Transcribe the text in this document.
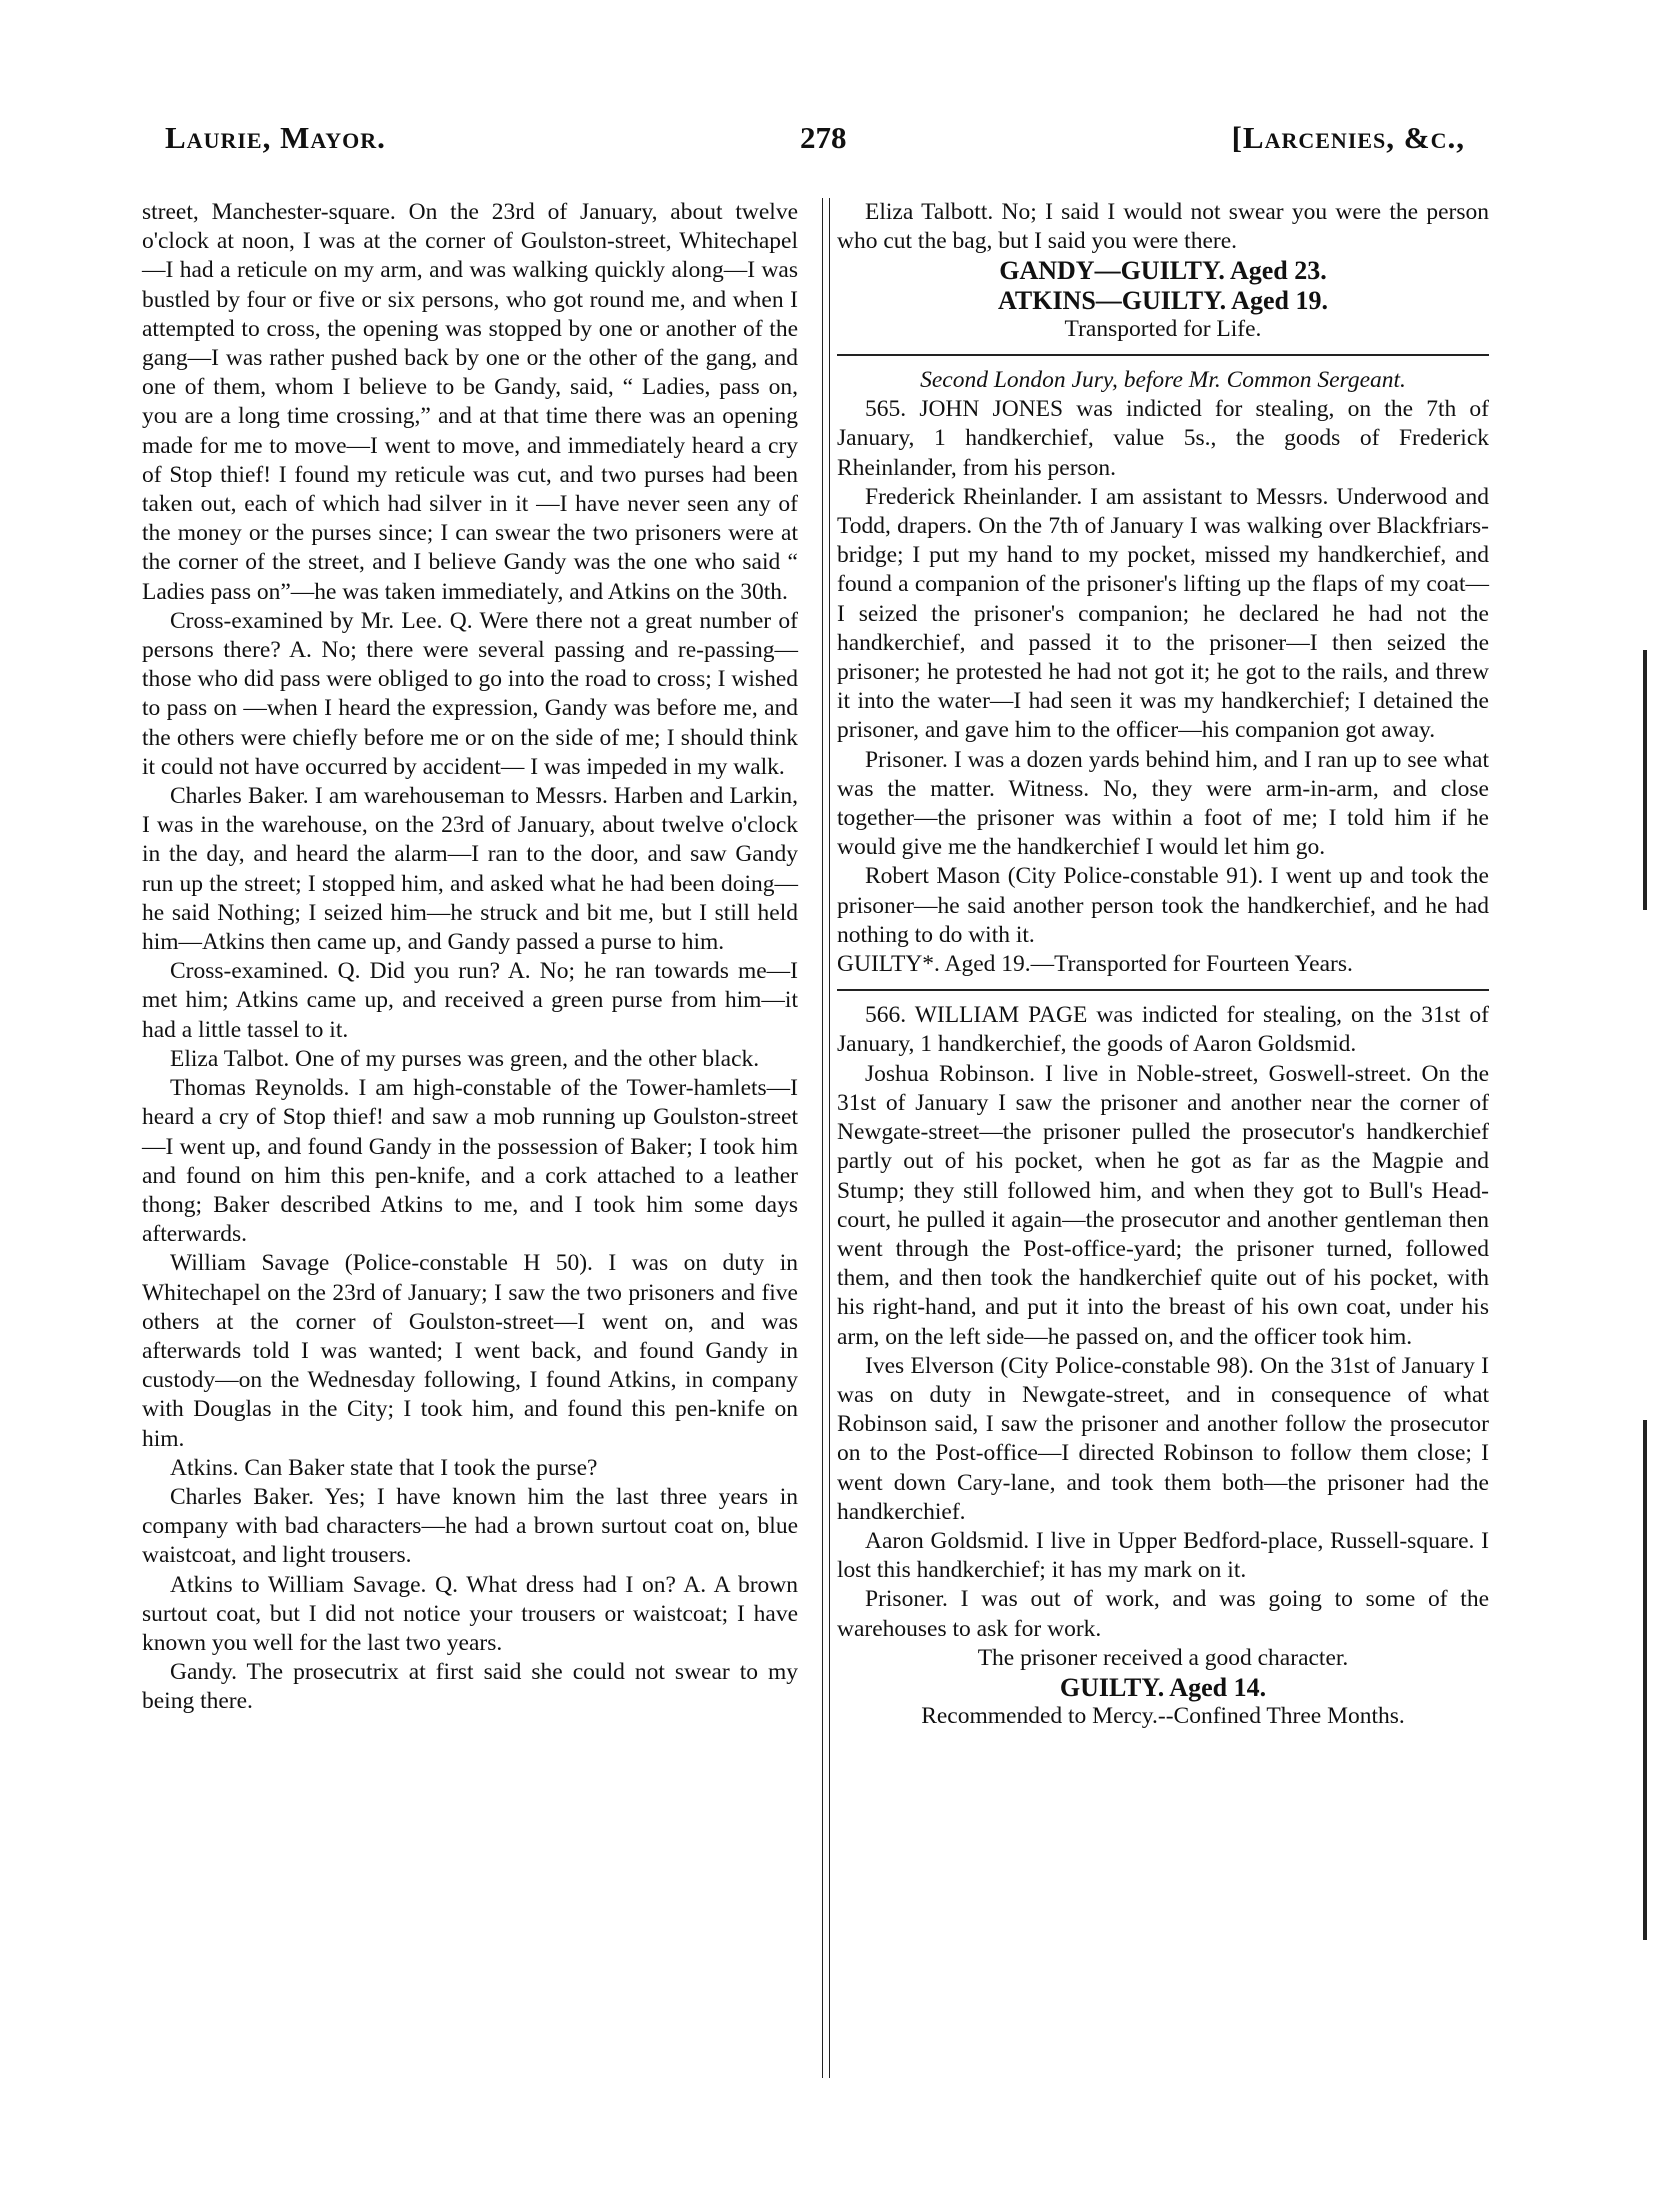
Laurie, Mayor.	278	[Larcenies, &c.,

street, Manchester-square. On the 23rd of January, about twelve o'clock at noon, I was at the corner of Goulston-street, Whitechapel—I had a reticule on my arm, and was walking quickly along—I was bustled by four or five or six persons, who got round me, and when I attempted to cross, the opening was stopped by one or another of the gang—I was rather pushed back by one or the other of the gang, and one of them, whom I believe to be Gandy, said, “ Ladies, pass on, you are a long time crossing,” and at that time there was an opening made for me to move—I went to move, and immediately heard a cry of Stop thief! I found my reticule was cut, and two purses had been taken out, each of which had silver in it —I have never seen any of the money or the purses since; I can swear the two prisoners were at the corner of the street, and I believe Gandy was the one who said “ Ladies pass on”—he was taken immediately, and Atkins on the 30th.

Cross-examined by Mr. Lee. Q. Were there not a great number of persons there? A. No; there were several passing and re-passing—those who did pass were obliged to go into the road to cross; I wished to pass on —when I heard the expression, Gandy was before me, and the others were chiefly before me or on the side of me; I should think it could not have occurred by accident— I was impeded in my walk.

Charles Baker. I am warehouseman to Messrs. Harben and Larkin, I was in the warehouse, on the 23rd of January, about twelve o'clock in the day, and heard the alarm—I ran to the door, and saw Gandy run up the street; I stopped him, and asked what he had been doing— he said Nothing; I seized him—he struck and bit me, but I still held him—Atkins then came up, and Gandy passed a purse to him.

Cross-examined. Q. Did you run? A. No; he ran towards me—I met him; Atkins came up, and received a green purse from him—it had a little tassel to it.

Eliza Talbot. One of my purses was green, and the other black.

Thomas Reynolds. I am high-constable of the Tower-hamlets—I heard a cry of Stop thief! and saw a mob running up Goulston-street—I went up, and found Gandy in the possession of Baker; I took him and found on him this pen-knife, and a cork attached to a leather thong; Baker described Atkins to me, and I took him some days afterwards.

William Savage (Police-constable H 50). I was on duty in Whitechapel on the 23rd of January; I saw the two prisoners and five others at the corner of Goulston-street—I went on, and was afterwards told I was wanted; I went back, and found Gandy in custody—on the Wednesday following, I found Atkins, in company with Douglas in the City; I took him, and found this pen-knife on him.

Atkins. Can Baker state that I took the purse?

Charles Baker. Yes; I have known him the last three years in company with bad characters—he had a brown surtout coat on, blue waistcoat, and light trousers.

Atkins to William Savage. Q. What dress had I on? A. A brown surtout coat, but I did not notice your trousers or waistcoat; I have known you well for the last two years.

Gandy. The prosecutrix at first said she could not swear to my being there.

Eliza Talbott. No; I said I would not swear you were the person who cut the bag, but I said you were there.

GANDY—GUILTY. Aged 23.

ATKINS—GUILTY. Aged 19.

Transported for Life.

Second London Jury, before Mr. Common Sergeant.

565. JOHN JONES was indicted for stealing, on the 7th of January, 1 handkerchief, value 5s., the goods of Frederick Rheinlander, from his person.

Frederick Rheinlander. I am assistant to Messrs. Underwood and Todd, drapers. On the 7th of January I was walking over Blackfriars-bridge; I put my hand to my pocket, missed my handkerchief, and found a companion of the prisoner's lifting up the flaps of my coat—I seized the prisoner's companion; he declared he had not the handkerchief, and passed it to the prisoner—I then seized the prisoner; he protested he had not got it; he got to the rails, and threw it into the water—I had seen it was my handkerchief; I detained the prisoner, and gave him to the officer—his companion got away.

Prisoner. I was a dozen yards behind him, and I ran up to see what was the matter. Witness. No, they were arm-in-arm, and close together—the prisoner was within a foot of me; I told him if he would give me the handkerchief I would let him go.

Robert Mason (City Police-constable 91). I went up and took the prisoner—he said another person took the handkerchief, and he had nothing to do with it.

GUILTY*. Aged 19.—Transported for Fourteen Years.

566. WILLIAM PAGE was indicted for stealing, on the 31st of January, 1 handkerchief, the goods of Aaron Goldsmid.

Joshua Robinson. I live in Noble-street, Goswell-street. On the 31st of January I saw the prisoner and another near the corner of Newgate-street—the prisoner pulled the prosecutor's handkerchief partly out of his pocket, when he got as far as the Magpie and Stump; they still followed him, and when they got to Bull's Head-court, he pulled it again—the prosecutor and another gentleman then went through the Post-office-yard; the prisoner turned, followed them, and then took the handkerchief quite out of his pocket, with his right-hand, and put it into the breast of his own coat, under his arm, on the left side—he passed on, and the officer took him.

Ives Elverson (City Police-constable 98). On the 31st of January I was on duty in Newgate-street, and in consequence of what Robinson said, I saw the prisoner and another follow the prosecutor on to the Post-office—I directed Robinson to follow them close; I went down Cary-lane, and took them both—the prisoner had the handkerchief.

Aaron Goldsmid. I live in Upper Bedford-place, Russell-square. I lost this handkerchief; it has my mark on it.

Prisoner. I was out of work, and was going to some of the warehouses to ask for work.

The prisoner received a good character.

GUILTY. Aged 14.

Recommended to Mercy.--Confined Three Months.
